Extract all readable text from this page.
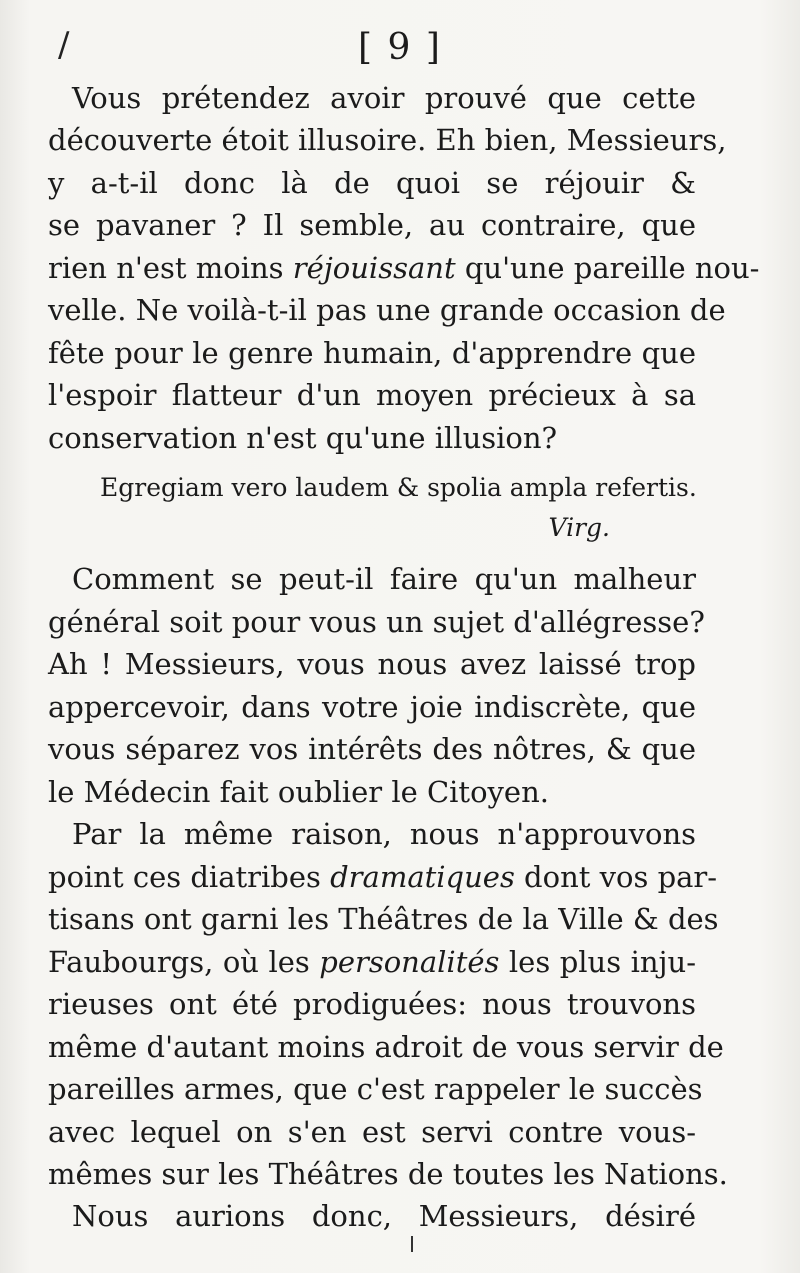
/	[ 9 ]
Vous prétendez avoir prouvé que cette
découverte étoit illusoire. Eh bien, Messieurs,
y a-t-il donc là de quoi se réjouir &
se pavaner ? Il semble, au contraire, que
rien n'est moins réjouissant qu'une pareille nou-
velle. Ne voilà-t-il pas une grande occasion de
fête pour le genre humain, d'apprendre que
l'espoir flatteur d'un moyen précieux à sa
conservation n'est qu'une illusion?
Egregiam vero laudem & spolia ampla refertis.
Virg.
Comment se peut-il faire qu'un malheur
général soit pour vous un sujet d'allégresse?
Ah ! Messieurs, vous nous avez laissé trop
appercevoir, dans votre joie indiscrète, que
vous séparez vos intérêts des nôtres, & que
le Médecin fait oublier le Citoyen.
Par la même raison, nous n'approuvons
point ces diatribes dramatiques dont vos par-
tisans ont garni les Théâtres de la Ville & des
Faubourgs, où les personalités les plus inju-
rieuses ont été prodiguées: nous trouvons
même d'autant moins adroit de vous servir de
pareilles armes, que c'est rappeler le succès
avec lequel on s'en est servi contre vous-
mêmes sur les Théâtres de toutes les Nations.
Nous aurions donc, Messieurs, désiré
